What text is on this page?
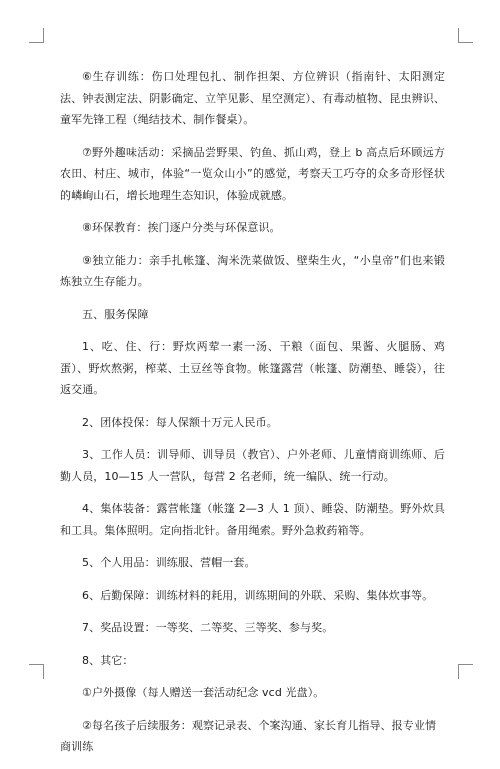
⑥生存训练：伤口处理包扎、制作担架、方位辨识（指南针、太阳测定法、钟表测定法、阴影确定、立竿见影、星空测定）、有毒动植物、昆虫辨识、童军先锋工程（绳结技术、制作餐桌）。

⑦野外趣味活动：采摘品尝野果、钓鱼、抓山鸡，登上 b 高点后环顾远方农田、村庄、城市，体验“一览众山小”的感觉，考察天工巧夺的众多奇形怪状的嶙峋山石，增长地理生态知识，体验成就感。

⑧环保教育：挨门逐户分类与环保意识。

⑨独立能力：亲手扎帐篷、淘米洗菜做饭、壁柴生火，“小皇帝”们也来锻炼独立生存能力。

五、服务保障

1、吃、住、行：野炊两荤一素一汤、干粮（面包、果酱、火腿肠、鸡蛋）、野炊熬粥，榨菜、土豆丝等食物。帐篷露营（帐篷、防潮垫、睡袋），往返交通。

2、团体投保：每人保额十万元人民币。

3、工作人员：训导师、训导员（教官）、户外老师、儿童情商训练师、后勤人员，10—15 人一营队，每营 2 名老师，统一编队、统一行动。

4、集体装备：露营帐篷（帐篷 2—3 人 1 顶）、睡袋、防潮垫。野外炊具和工具。集体照明。定向指北针。备用绳索。野外急救药箱等。

5、个人用品：训练服、营帽一套。

6、后勤保障：训练材料的耗用，训练期间的外联、采购、集体炊事等。

7、奖品设置：一等奖、二等奖、三等奖、参与奖。

8、其它：

①户外摄像（每人赠送一套活动纪念 vcd 光盘）。

②每名孩子后续服务：观察记录表、个案沟通、家长育儿指导、报专业情商训练
